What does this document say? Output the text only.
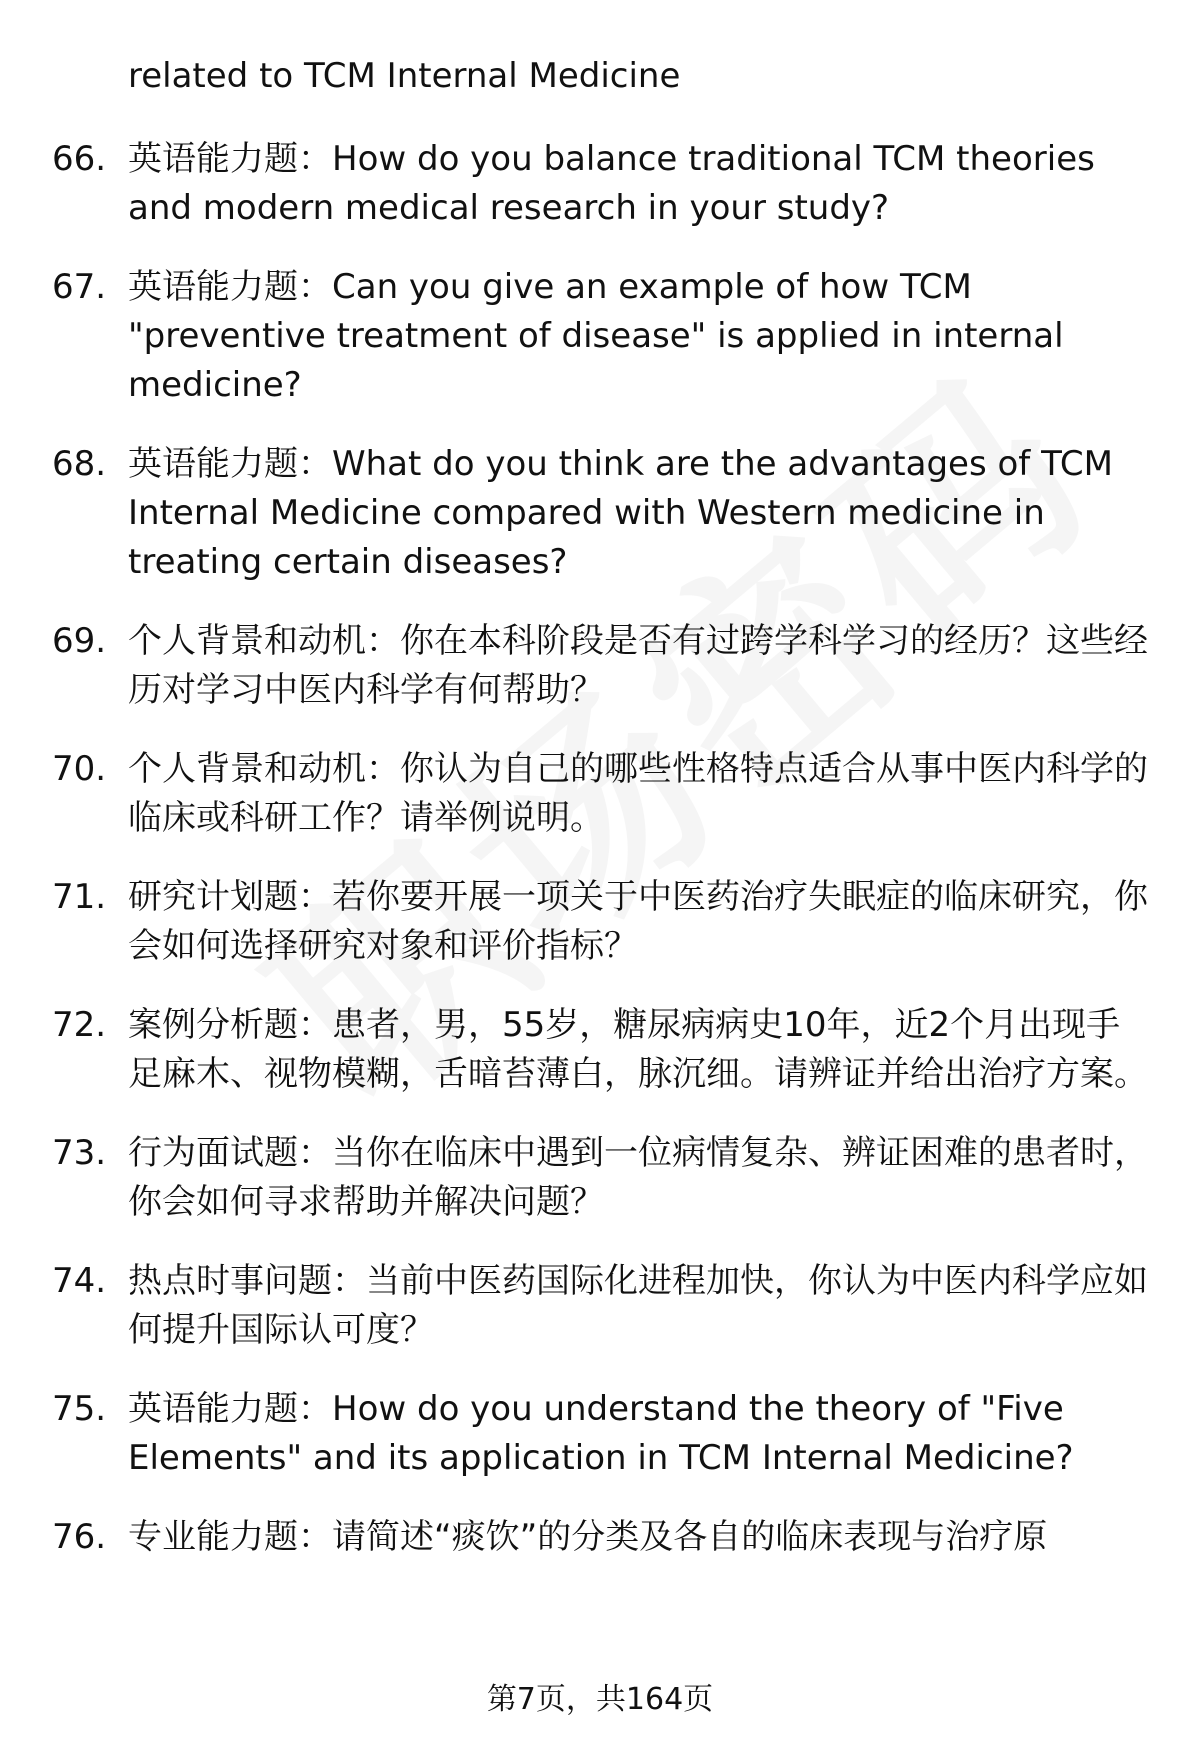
related to TCM Internal Medicine

66. 英语能力题：How do you balance traditional TCM theories and modern medical research in your study?

67. 英语能力题：Can you give an example of how TCM "preventive treatment of disease" is applied in internal medicine?

68. 英语能力题：What do you think are the advantages of TCM Internal Medicine compared with Western medicine in treating certain diseases?

69. 个人背景和动机：你在本科阶段是否有过跨学科学习的经历？这些经历对学习中医内科学有何帮助？

70. 个人背景和动机：你认为自己的哪些性格特点适合从事中医内科学的临床或科研工作？请举例说明。

71. 研究计划题：若你要开展一项关于中医药治疗失眠症的临床研究，你会如何选择研究对象和评价指标？

72. 案例分析题：患者，男，55岁，糖尿病病史10年，近2个月出现手足麻木、视物模糊，舌暗苔薄白，脉沉细。请辨证并给出治疗方案。

73. 行为面试题：当你在临床中遇到一位病情复杂、辨证困难的患者时，你会如何寻求帮助并解决问题？

74. 热点时事问题：当前中医药国际化进程加快，你认为中医内科学应如何提升国际认可度？

75. 英语能力题：How do you understand the theory of "Five Elements" and its application in TCM Internal Medicine?

76. 专业能力题：请简述“痰饮”的分类及各自的临床表现与治疗原

第7页，共164页
